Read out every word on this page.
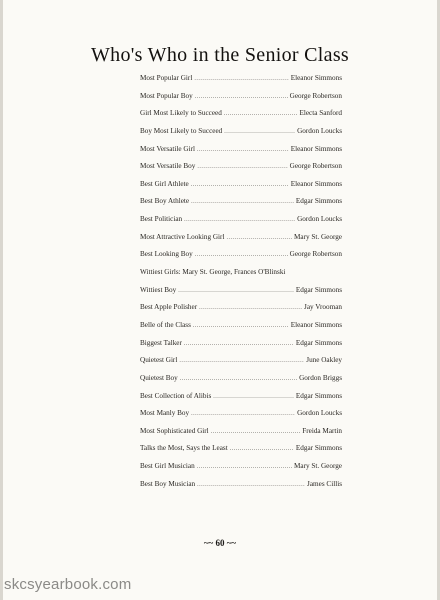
Who's Who in the Senior Class
Most Popular Girl .....	Eleanor Simmons
Most Popular Boy .....	George Robertson
Girl Most Likely to Succeed .....	Electa Sanford
Boy Most Likely to Succeed .....	Gordon Loucks
Most Versatile Girl .....	Eleanor Simmons
Most Versatile Boy .....	George Robertson
Best Girl Athlete .....	Eleanor Simmons
Best Boy Athlete .....	Edgar Simmons
Best Politician .....	Gordon Loucks
Most Attractive Looking Girl .....	Mary St. George
Best Looking Boy .....	George Robertson
Wittiest Girls: Mary St. George, Frances O'Blinski
Wittiest Boy .....	Edgar Simmons
Best Apple Polisher .....	Jay Vrooman
Belle of the Class .....	Eleanor Simmons
Biggest Talker .....	Edgar Simmons
Quietest Girl .....	June Oakley
Quietest Boy .....	Gordon Briggs
Best Collection of Alibis .....	Edgar Simmons
Most Manly Boy .....	Gordon Loucks
Most Sophisticated Girl .....	Freida Martin
Talks the Most, Says the Least .....	Edgar Simmons
Best Girl Musician .....	Mary St. George
Best Boy Musician .....	James Cillis
~~ 60 ~~
skcsyearbook.com
